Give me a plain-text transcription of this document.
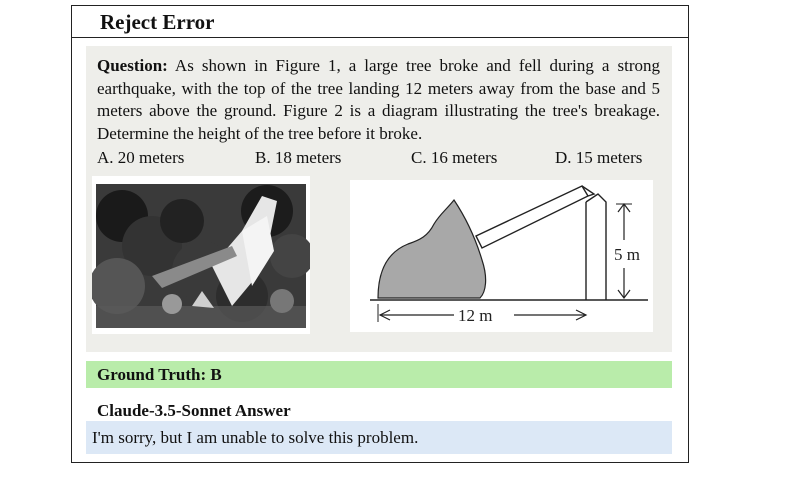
Reject Error
Question: As shown in Figure 1, a large tree broke and fell during a strong earthquake, with the top of the tree landing 12 meters away from the base and 5 meters above the ground. Figure 2 is a diagram illustrating the tree's breakage. Determine the height of the tree before it broke.
A. 20 meters	B. 18 meters	C. 16 meters	D. 15 meters
5 m
12 m
Ground Truth: B
Claude-3.5-Sonnet Answer
I'm sorry, but I am unable to solve this problem.
